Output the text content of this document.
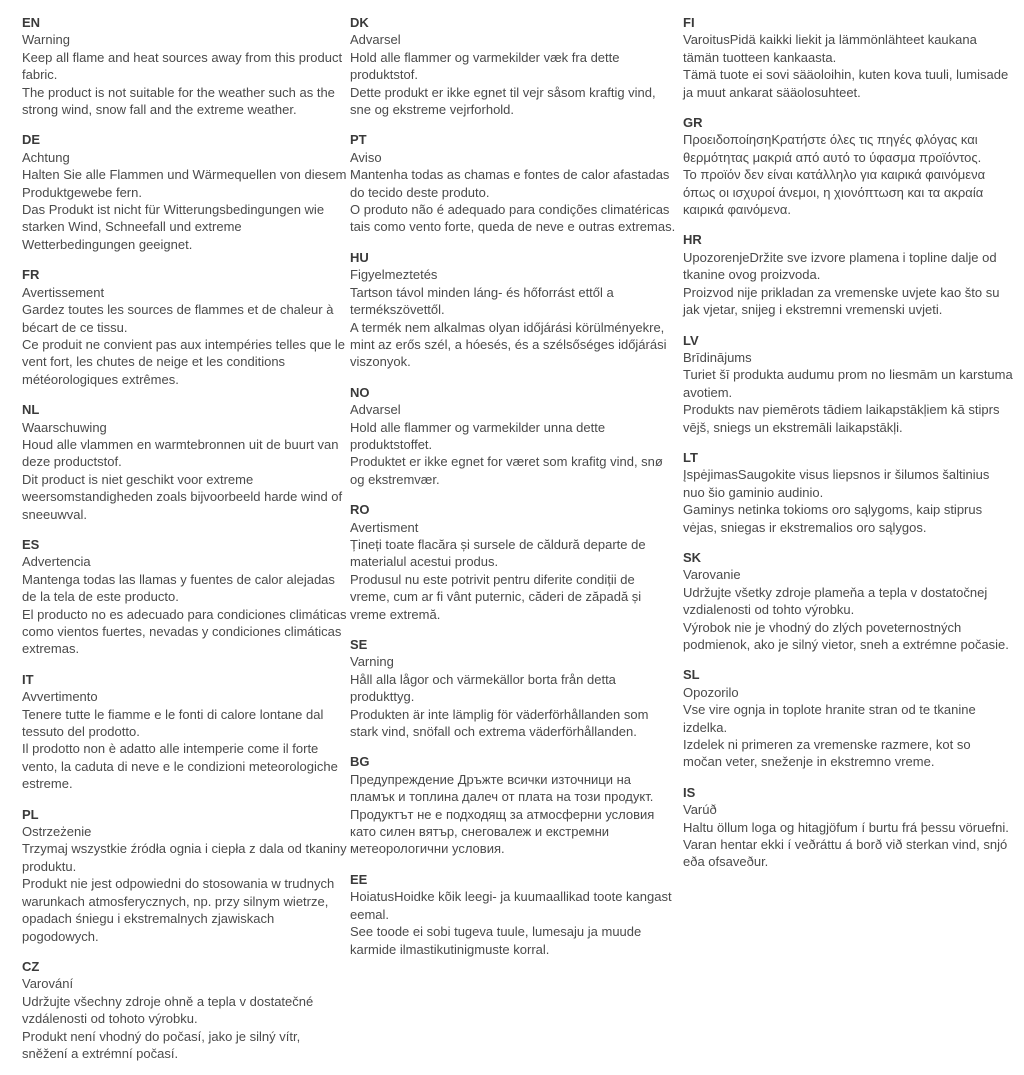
EN
Warning
Keep all flame and heat sources away from this product fabric.
The product is not suitable for the weather such as the strong wind, snow fall and the extreme weather.
DE
Achtung
Halten Sie alle Flammen und Wärmequellen von diesem Produktgewebe fern.
Das Produkt ist nicht für Witterungsbedingungen wie starken Wind, Schneefall und extreme Wetterbedingungen geeignet.
FR
Avertissement
Gardez toutes les sources de flammes et de chaleur à bécart de ce tissu.
Ce produit ne convient pas aux intempéries telles que le vent fort, les chutes de neige et les conditions météorologiques extrêmes.
NL
Waarschuwing
Houd alle vlammen en warmtebronnen uit de buurt van deze productstof.
Dit product is niet geschikt voor extreme weersomstandigheden zoals bijvoorbeeld harde wind of sneeuwval.
ES
Advertencia
Mantenga todas las llamas y fuentes de calor alejadas de la tela de este producto.
El producto no es adecuado para condiciones climáticas como vientos fuertes, nevadas y condiciones climáticas extremas.
IT
Avvertimento
Tenere tutte le fiamme e le fonti di calore lontane dal tessuto del prodotto.
Il prodotto non è adatto alle intemperie come il forte vento, la caduta di neve e le condizioni meteorologiche estreme.
PL
Ostrzeżenie
Trzymaj wszystkie źródła ognia i ciepła z dala od tkaniny produktu.
Produkt nie jest odpowiedni do stosowania w trudnych warunkach atmosferycznych, np. przy silnym wietrze, opadach śniegu i ekstremalnych zjawiskach pogodowych.
CZ
Varování
Udržujte všechny zdroje ohně a tepla v dostatečné vzdálenosti od tohoto výrobku.
Produkt není vhodný do počasí, jako je silný vítr, sněžení a extrémní počasí.
DK
Advarsel
Hold alle flammer og varmekilder væk fra dette produktstof.
Dette produkt er ikke egnet til vejr såsom kraftig vind, sne og ekstreme vejrforhold.
PT
Aviso
Mantenha todas as chamas e fontes de calor afastadas do tecido deste produto.
O produto não é adequado para condições climatéricas tais como vento forte, queda de neve e outras extremas.
HU
Figyelmeztetés
Tartson távol minden láng- és hőforrást ettől a termékszövettől.
A termék nem alkalmas olyan időjárási körülményekre, mint az erős szél, a hóesés, és a szélsőséges időjárási viszonyok.
NO
Advarsel
Hold alle flammer og varmekilder unna dette produktstoffet.
Produktet er ikke egnet for været som krafitg vind, snø og ekstremvær.
RO
Avertisment
Țineți toate flacăra și sursele de căldură departe de materialul acestui produs.
Produsul nu este potrivit pentru diferite condiții de vreme, cum ar fi vânt puternic, căderi de zăpadă și vreme extremă.
SE
Varning
Håll alla lågor och värmekällor borta från detta produkttyg.
Produkten är inte lämplig för väderförhållanden som stark vind, snöfall och extrema väderförhållanden.
BG
Предупреждение Дръжте всички източници на пламък и топлина далеч от плата на този продукт.
Продуктът не е подходящ за атмосферни условия като силен вятър, снеговалеж и екстремни метеорологични условия.
EE
HoiatusHoidke kõik leegi- ja kuumaallikad toote kangast eemal.
See toode ei sobi tugeva tuule, lumesaju ja muude karmide ilmastikutinigmuste korral.
FI
VaroitusPidä kaikki liekit ja lämmönlähteet kaukana tämän tuotteen kankaasta.
Tämä tuote ei sovi sääoloihin, kuten kova tuuli, lumisade ja muut ankarat sääolosuhteet.
GR
ΠροειδοποίησηΚρατήστε όλες τις πηγές φλόγας και θερμότητας μακριά από αυτό το ύφασμα προϊόντος.
Το προϊόν δεν είναι κατάλληλο για καιρικά φαινόμενα όπως οι ισχυροί άνεμοι, η χιονόπτωση και τα ακραία καιρικά φαινόμενα.
HR
UpozorenjeDržite sve izvore plamena i topline dalje od tkanine ovog proizvoda.
Proizvod nije prikladan za vremenske uvjete kao što su jak vjetar, snijeg i ekstremni vremenski uvjeti.
LV
Brīdinājums
Turiet šī produkta audumu prom no liesmām un karstuma avotiem.
Produkts nav piemērots tādiem laikapstākļiem kā stiprs vējš, sniegs un ekstremāli laikapstākļi.
LT
ĮspėjimasSaugokite visus liepsnos ir šilumos šaltinius nuo šio gaminio audinio.
Gaminys netinka tokioms oro sąlygoms, kaip stiprus vėjas, sniegas ir ekstremalios oro sąlygos.
SK
Varovanie
Udržujte všetky zdroje plameňa a tepla v dostatočnej vzdialenosti od tohto výrobku.
Výrobok nie je vhodný do zlých poveternostných podmienok, ako je silný vietor, sneh a extrémne počasie.
SL
Opozorilo
Vse vire ognja in toplote hranite stran od te tkanine izdelka.
Izdelek ni primeren za vremenske razmere, kot so močan veter, sneženje in ekstremno vreme.
IS
Varúð
Haltu öllum loga og hitagjöfum í burtu frá þessu vöruefni.
Varan hentar ekki í veðráttu á borð við sterkan vind, snjó eða ofsaveður.
